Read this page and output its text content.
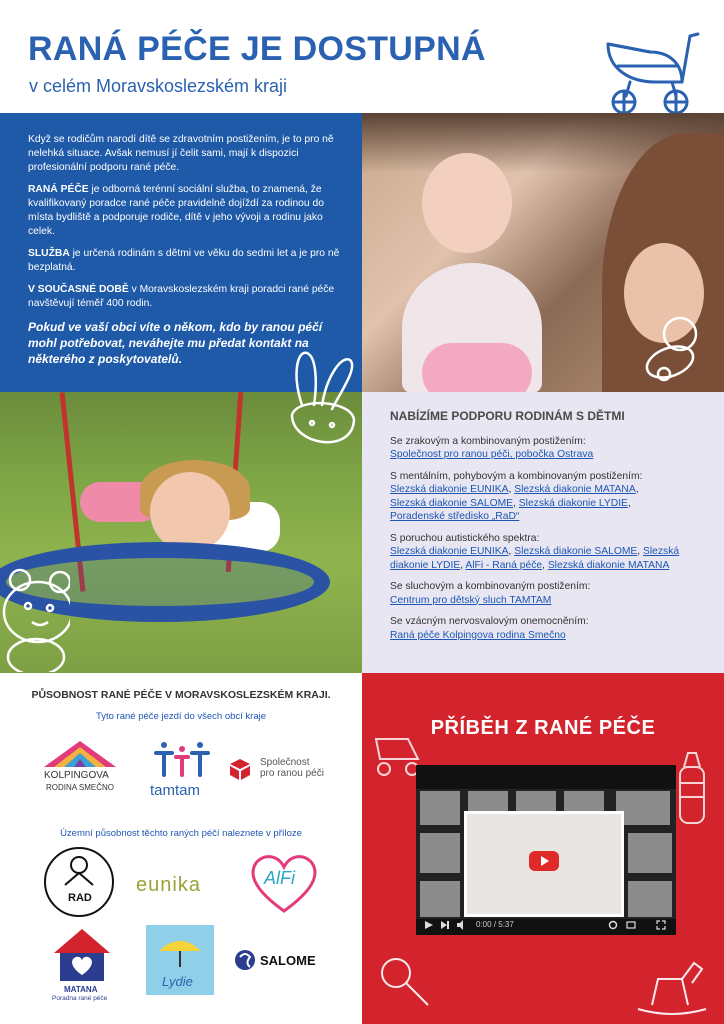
RANÁ PÉČE JE DOSTUPNÁ
v celém Moravskoslezském kraji

Když se rodičům narodí dítě se zdravotním postižením, je to pro ně nelehká situace. Avšak nemusí jí čelit sami, mají k dispozici profesionální podporu rané péče.

RANÁ PÉČE je odborná terénní sociální služba, to znamená, že kvalifikovaný poradce rané péče pravidelně dojíždí za rodinou do místa bydliště a podporuje rodiče, dítě v jeho vývoji a rodinu jako celek.

SLUŽBA je určená rodinám s dětmi ve věku do sedmi let a je pro ně bezplatná.

V SOUČASNÉ DOBĚ v Moravskoslezském kraji poradci rané péče navštěvují téměř 400 rodin.

Pokud ve vaší obci víte o někom, kdo by ranou péčí mohl potřebovat, neváhejte mu předat kontakt na některého z poskytovatelů.

NABÍZÍME PODPORU RODINÁM S DĚTMI
Se zrakovým a kombinovaným postižením:
Společnost pro ranou péči, pobočka Ostrava
S mentálním, pohybovým a kombinovaným postižením:
Slezská diakonie EUNIKA, Slezská diakonie MATANA,
Slezská diakonie SALOME, Slezská diakonie LYDIE,
Poradenské středisko „RaD“
S poruchou autistického spektra:
Slezská diakonie EUNIKA, Slezská diakonie SALOME, Slezská diakonie LYDIE, AlFi - Raná péče, Slezská diakonie MATANA
Se sluchovým a kombinovaným postižením:
Centrum pro dětský sluch TAMTAM
Se vzácným nervosvalovým onemocněním:
Raná péče Kolpingova rodina Smečno
PŮSOBNOST RANÉ PÉČE V MORAVSKOSLEZSKÉM KRAJI.
Tyto rané péče jezdí do všech obcí kraje
KOLPINGOVA
RODINA SMEČNO tamtam
Společnost
pro ranou péči
Územní působnost těchto raných péčí naleznete v příloze
RAD
eunika	AlFi
MATANA
Poradna rané péče
Lydie
SALOME
PŘÍBĚH Z RANÉ PÉČE
0:00 / 5:37
